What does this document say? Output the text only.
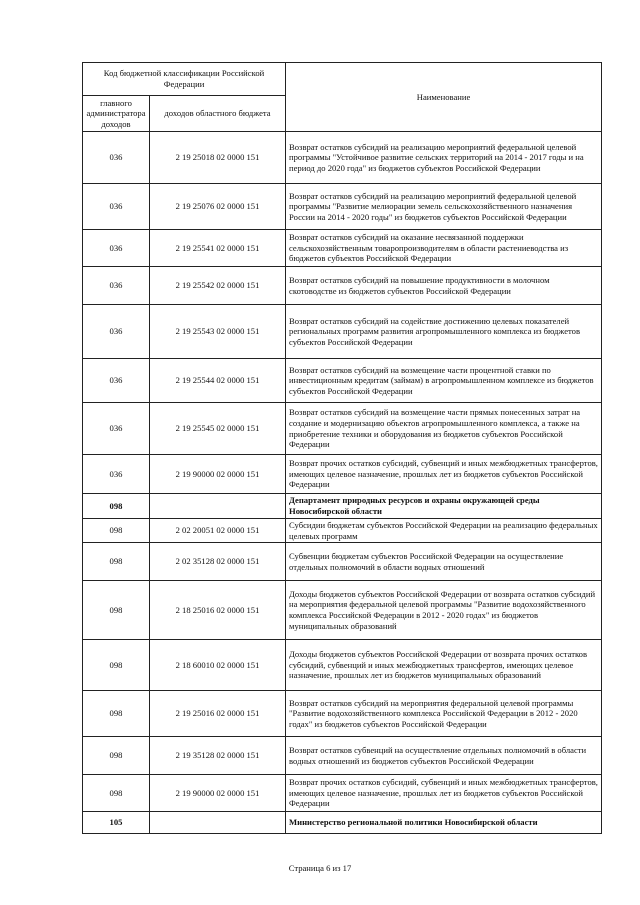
Код бюджетной классификации Российской Федерации		Наименование
главного администратора доходов	доходов областного бюджета	
036	2 19 25018 02 0000 151	Возврат остатков субсидий на реализацию мероприятий федеральной целевой программы "Устойчивое развитие сельских территорий на 2014 - 2017 годы и на период до 2020 года" из бюджетов субъектов Российской Федерации
036	2 19 25076 02 0000 151	Возврат остатков субсидий на реализацию мероприятий федеральной целевой программы "Развитие мелиорации земель сельскохозяйственного назначения России на 2014 - 2020 годы" из бюджетов субъектов Российской Федерации
036	2 19 25541 02 0000 151	Возврат остатков субсидий на оказание несвязанной поддержки сельскохозяйственным товаропроизводителям в области растениеводства из бюджетов субъектов Российской Федерации
036	2 19 25542 02 0000 151	Возврат остатков субсидий на повышение продуктивности в молочном скотоводстве из бюджетов субъектов Российской Федерации
036	2 19 25543 02 0000 151	Возврат остатков субсидий на содействие достижению целевых показателей региональных программ развития агропромышленного комплекса из бюджетов субъектов Российской Федерации
036	2 19 25544 02 0000 151	Возврат остатков субсидий на возмещение части процентной ставки по инвестиционным кредитам (займам) в агропромышленном комплексе из бюджетов субъектов Российской Федерации
036	2 19 25545 02 0000 151	Возврат остатков субсидий на возмещение части прямых понесенных затрат на создание и модернизацию объектов агропромышленного комплекса, а также на приобретение техники и оборудования из бюджетов субъектов Российской Федерации
036	2 19 90000 02 0000 151	Возврат прочих остатков субсидий, субвенций и иных межбюджетных трансфертов, имеющих целевое назначение, прошлых лет из бюджетов субъектов Российской Федерации
098		Департамент природных ресурсов и охраны окружающей среды Новосибирской области
098	2 02 20051 02 0000 151	Субсидии бюджетам субъектов Российской Федерации на реализацию федеральных целевых программ
098	2 02 35128 02 0000 151	Субвенции бюджетам субъектов Российской Федерации на осуществление отдельных полномочий в области водных отношений
098	2 18 25016 02 0000 151	Доходы бюджетов субъектов Российской Федерации от возврата остатков субсидий на мероприятия федеральной целевой программы "Развитие водохозяйственного комплекса Российской Федерации в 2012 - 2020 годах" из бюджетов муниципальных образований
098	2 18 60010 02 0000 151	Доходы бюджетов субъектов Российской Федерации от возврата прочих остатков субсидий, субвенций и иных межбюджетных трансфертов, имеющих целевое назначение, прошлых лет из бюджетов муниципальных образований
098	2 19 25016 02 0000 151	Возврат остатков субсидий на мероприятия федеральной целевой программы "Развитие водохозяйственного комплекса Российской Федерации в 2012 - 2020 годах" из бюджетов субъектов Российской Федерации
098	2 19 35128 02 0000 151	Возврат остатков субвенций на осуществление отдельных полномочий в области водных отношений из бюджетов субъектов Российской Федерации
098	2 19 90000 02 0000 151	Возврат прочих остатков субсидий, субвенций и иных межбюджетных трансфертов, имеющих целевое назначение, прошлых лет из бюджетов субъектов Российской Федерации
105		Министерство региональной политики Новосибирской области
Страница 6 из 17
